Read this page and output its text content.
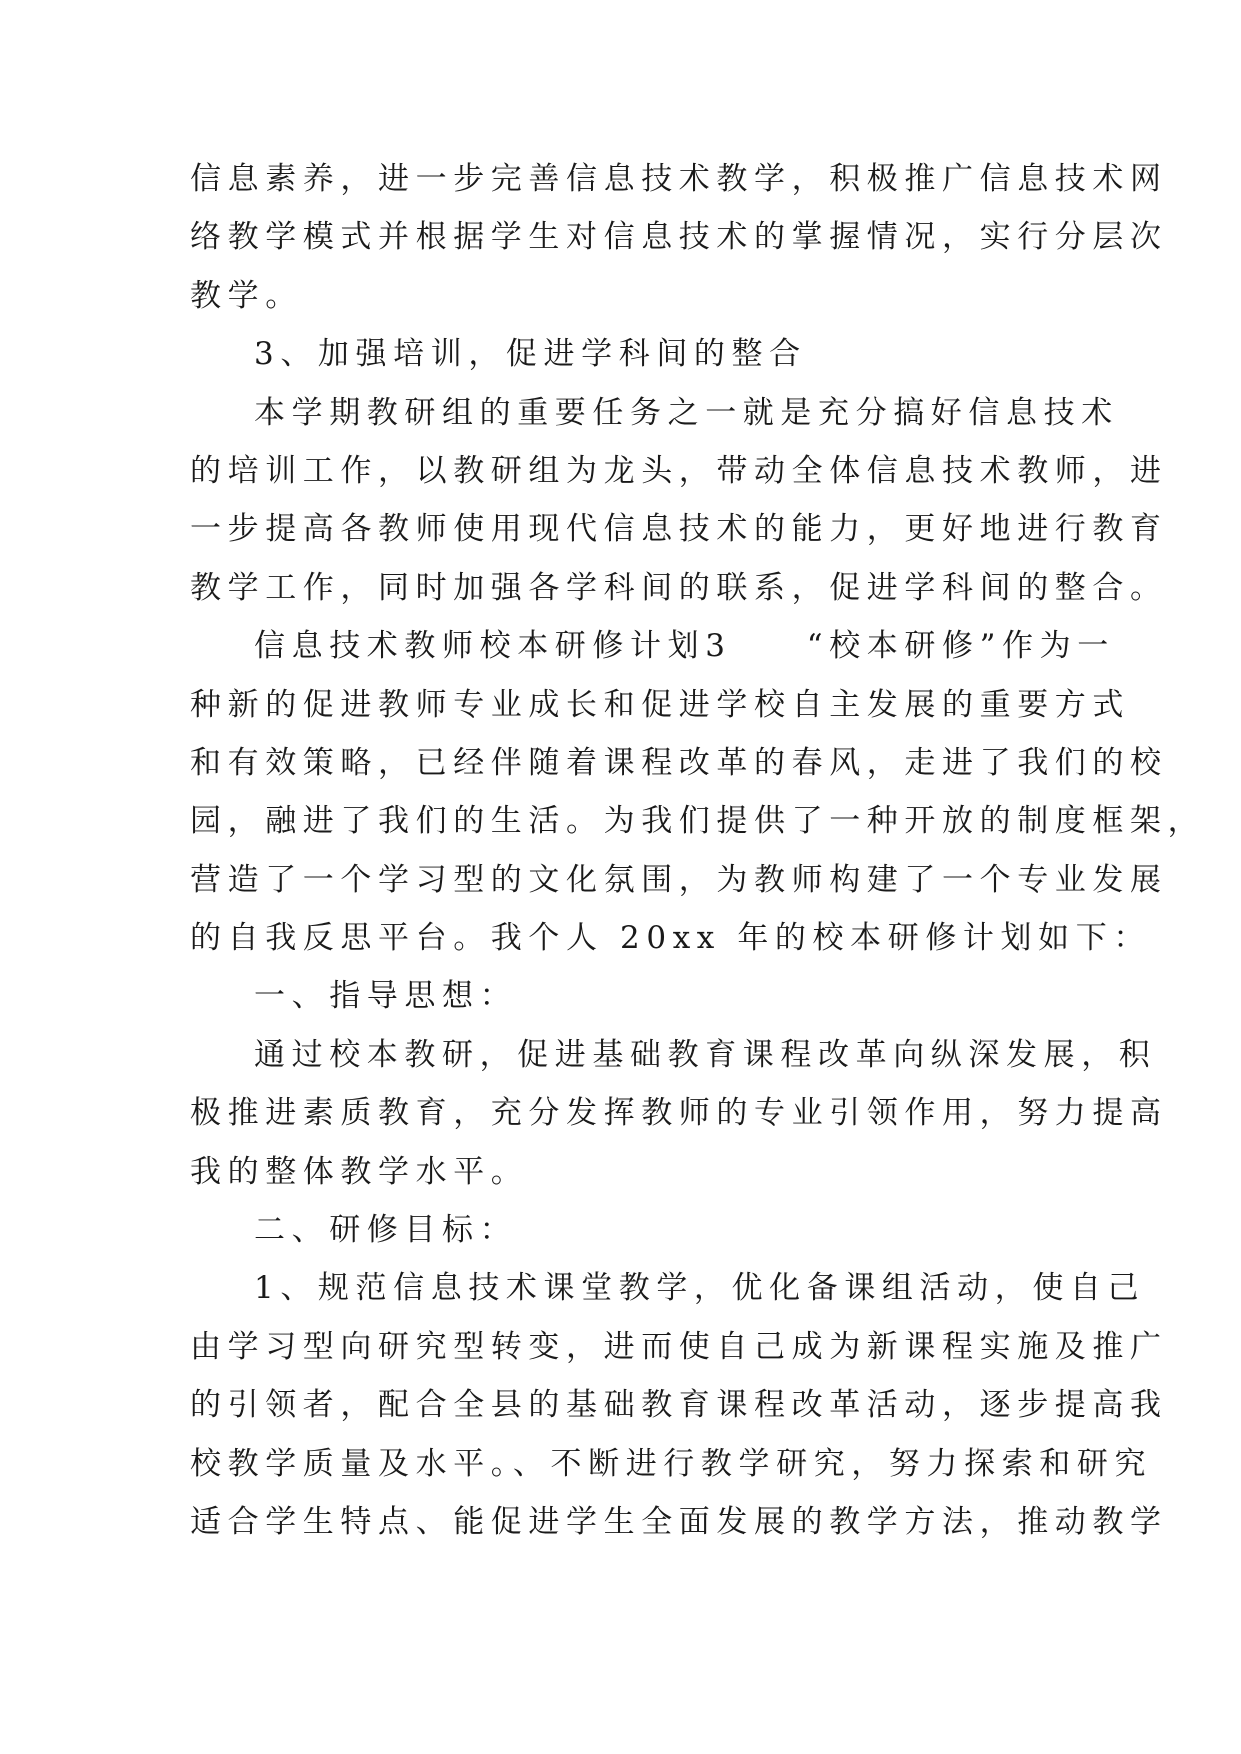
信息素养，进一步完善信息技术教学，积极推广信息技术网
络教学模式并根据学生对信息技术的掌握情况，实行分层次
教学。
3、加强培训，促进学科间的整合
本学期教研组的重要任务之一就是充分搞好信息技术
的培训工作，以教研组为龙头，带动全体信息技术教师，进
一步提高各教师使用现代信息技术的能力，更好地进行教育
教学工作，同时加强各学科间的联系，促进学科间的整合。
信息技术教师校本研修计划3　　“校本研修”作为一
种新的促进教师专业成长和促进学校自主发展的重要方式
和有效策略，已经伴随着课程改革的春风，走进了我们的校
园，融进了我们的生活。为我们提供了一种开放的制度框架，
营造了一个学习型的文化氛围，为教师构建了一个专业发展
的自我反思平台。我个人 20xx 年的校本研修计划如下：
一、指导思想：
通过校本教研，促进基础教育课程改革向纵深发展，积
极推进素质教育，充分发挥教师的专业引领作用，努力提高
我的整体教学水平。
二、研修目标：
1、规范信息技术课堂教学，优化备课组活动，使自己
由学习型向研究型转变，进而使自己成为新课程实施及推广
的引领者，配合全县的基础教育课程改革活动，逐步提高我
校教学质量及水平。、不断进行教学研究，努力探索和研究
适合学生特点、能促进学生全面发展的教学方法，推动教学
